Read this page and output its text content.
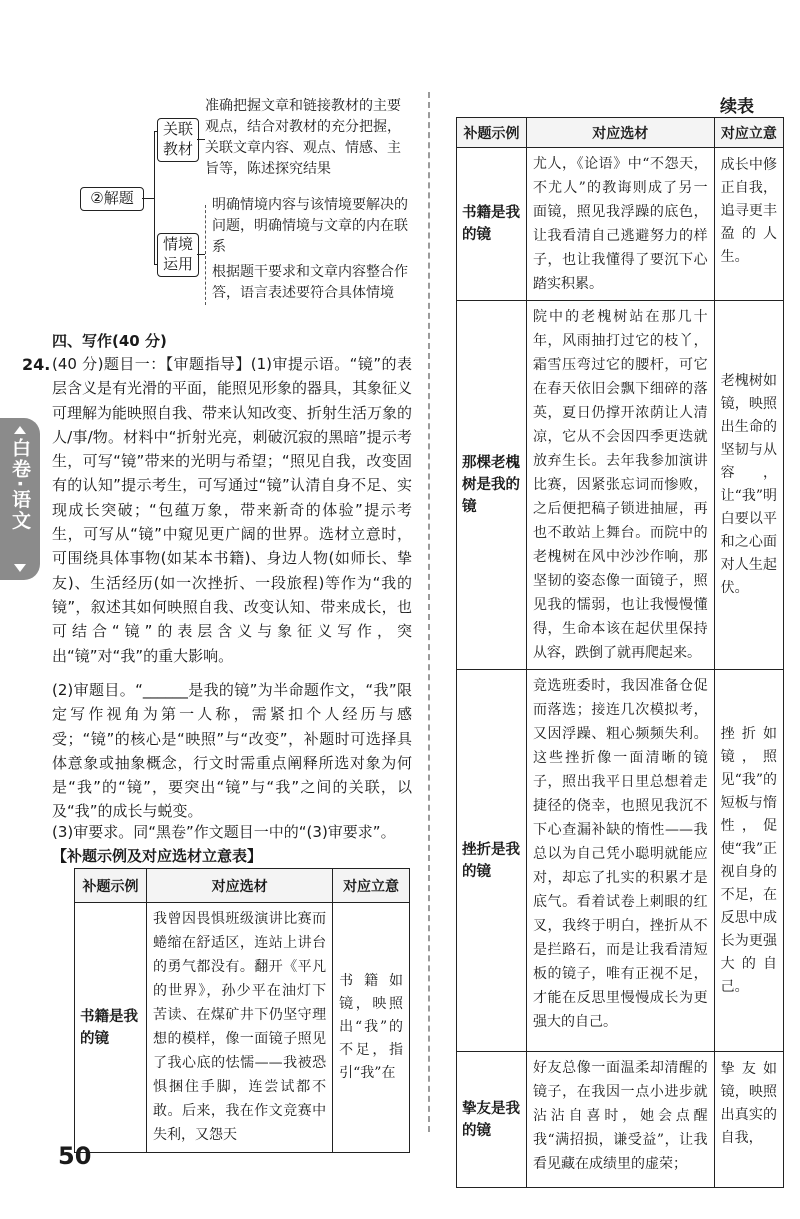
白卷·语文
②解题
关联
教材
准确把握文章和链接教材的主要观点，结合对教材的充分把握，关联文章内容、观点、情感、主旨等，陈述探究结果
情境
运用
明确情境内容与该情境要解决的问题，明确情境与文章的内在联系
根据题干要求和文章内容整合作答，语言表述要符合具体情境
四、写作(40 分)
24. (40 分)题目一：【审题指导】(1)审提示语。“镜”的表层含义是有光滑的平面，能照见形象的器具，其象征义可理解为能映照自我、带来认知改变、折射生活万象的人/事/物。材料中“折射光亮，刺破沉寂的黑暗”提示考生，可写“镜”带来的光明与希望；“照见自我，改变固有的认知”提示考生，可写通过“镜”认清自身不足、实现成长突破；“包蕴万象，带来新奇的体验”提示考生，可写从“镜”中窥见更广阔的世界。选材立意时，可围绕具体事物(如某本书籍)、身边人物(如师长、挚友)、生活经历(如一次挫折、一段旅程)等作为“我的镜”，叙述其如何映照自我、改变认知、带来成长，也可结合“镜”的表层含义与象征义写作，突出“镜”对“我”的重大影响。
(2)审题目。“______是我的镜”为半命题作文，“我”限定写作视角为第一人称，需紧扣个人经历与感受；“镜”的核心是“映照”与“改变”，补题时可选择具体意象或抽象概念，行文时需重点阐释所选对象为何是“我”的“镜”，要突出“镜”与“我”之间的关联，以及“我”的成长与蜕变。
(3)审要求。同“黑卷”作文题目一中的“(3)审要求”。
【补题示例及对应选材立意表】
补题示例	对应选材	对应立意
书籍是我的镜	我曾因畏惧班级演讲比赛而蜷缩在舒适区，连站上讲台的勇气都没有。翻开《平凡的世界》，孙少平在油灯下苦读、在煤矿井下仍坚守理想的模样，像一面镜子照见了我心底的怯懦——我被恐惧捆住手脚，连尝试都不敢。后来，我在作文竞赛中失利，又怨天	书籍如镜，映照出“我”的不足，指引“我”在
续表
补题示例	对应选材	对应立意
书籍是我的镜	尤人，《论语》中“不怨天，不尤人”的教诲则成了另一面镜，照见我浮躁的底色，让我看清自己逃避努力的样子，也让我懂得了要沉下心踏实积累。	成长中修正自我，追寻更丰盈的人生。
那棵老槐树是我的镜	院中的老槐树站在那几十年，风雨抽打过它的枝丫，霜雪压弯过它的腰杆，可它在春天依旧会飘下细碎的落英，夏日仍撑开浓荫让人清凉，它从不会因四季更迭就放弃生长。去年我参加演讲比赛，因紧张忘词而惨败，之后便把稿子锁进抽屉，再也不敢站上舞台。而院中的老槐树在风中沙沙作响，那坚韧的姿态像一面镜子，照见我的懦弱，也让我慢慢懂得，生命本该在起伏里保持从容，跌倒了就再爬起来。	老槐树如镜，映照出生命的坚韧与从容，让“我”明白要以平和之心面对人生起伏。
挫折是我的镜	竞选班委时，我因准备仓促而落选；接连几次模拟考，又因浮躁、粗心频频失利。这些挫折像一面清晰的镜子，照出我平日里总想着走捷径的侥幸，也照见我沉不下心查漏补缺的惰性——我总以为自己凭小聪明就能应对，却忘了扎实的积累才是底气。看着试卷上刺眼的红叉，我终于明白，挫折从不是拦路石，而是让我看清短板的镜子，唯有正视不足，才能在反思里慢慢成长为更强大的自己。	挫折如镜，照见“我”的短板与惰性，促使“我”正视自身的不足，在反思中成长为更强大的自己。
挚友是我的镜	好友总像一面温柔却清醒的镜子，在我因一点小进步就沾沾自喜时，她会点醒我“满招损，谦受益”，让我看见藏在成绩里的虚荣；	挚友如镜，映照出真实的自我，
50
